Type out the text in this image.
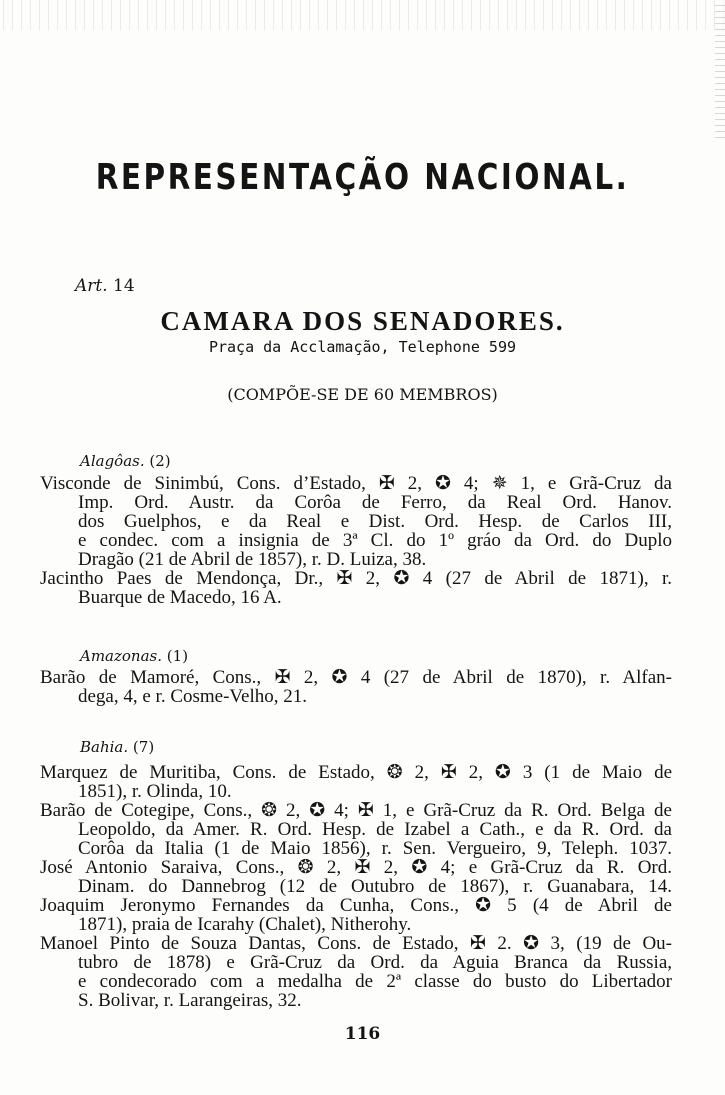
REPRESENTAÇÃO NACIONAL.
Art. 14
CAMARA DOS SENADORES.
Praça da Acclamação, Telephone 599
(COMPÕE-SE DE 60 MEMBROS)
Alagôas. (2)
Visconde de Sinimbú, Cons. d’Estado, ✠ 2, ✪ 4; ✵ 1, e Grã-Cruz da
Imp. Ord. Austr. da Corôa de Ferro, da Real Ord. Hanov.
dos Guelphos, e da Real e Dist. Ord. Hesp. de Carlos III,
e condec. com a insignia de 3ª Cl. do 1º gráo da Ord. do Duplo
Dragão (21 de Abril de 1857), r. D. Luiza, 38.
Jacintho Paes de Mendonça, Dr., ✠ 2, ✪ 4 (27 de Abril de 1871), r.
Buarque de Macedo, 16 A.
Amazonas. (1)
Barão de Mamoré, Cons., ✠ 2, ✪ 4 (27 de Abril de 1870), r. Alfan-
dega, 4, e r. Cosme-Velho, 21.
Bahia. (7)
Marquez de Muritiba, Cons. de Estado, ❂ 2, ✠ 2, ✪ 3 (1 de Maio de
1851), r. Olinda, 10.
Barão de Cotegipe, Cons., ❂ 2, ✪ 4; ✠ 1, e Grã-Cruz da R. Ord. Belga de
Leopoldo, da Amer. R. Ord. Hesp. de Izabel a Cath., e da R. Ord. da
Corôa da Italia (1 de Maio 1856), r. Sen. Vergueiro, 9, Teleph. 1037.
José Antonio Saraiva, Cons., ❂ 2, ✠ 2, ✪ 4; e Grã-Cruz da R. Ord.
Dinam. do Dannebrog (12 de Outubro de 1867), r. Guanabara, 14.
Joaquim Jeronymo Fernandes da Cunha, Cons., ✪ 5 (4 de Abril de
1871), praia de Icarahy (Chalet), Nitherohy.
Manoel Pinto de Souza Dantas, Cons. de Estado, ✠ 2. ✪ 3, (19 de Ou-
tubro de 1878) e Grã-Cruz da Ord. da Aguia Branca da Russia,
e condecorado com a medalha de 2ª classe do busto do Libertador
S. Bolivar, r. Larangeiras, 32.
116
